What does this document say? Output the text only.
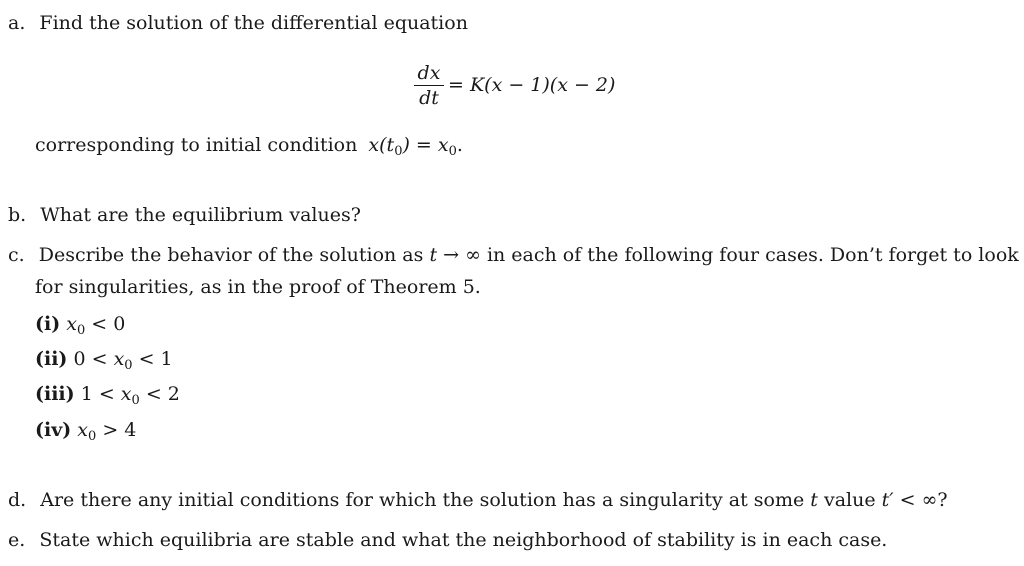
a. Find the solution of the differential equation
dx
dt
= K(x − 1)(x − 2)
corresponding to initial condition $x(t_0) = x_0$.
b. What are the equilibrium values?
c. Describe the behavior of the solution as t → ∞ in each of the following four cases. Don’t forget to look
for singularities, as in the proof of Theorem 5.
(i) $x_0 < 0$
(ii) $0 < x_0 < 1$
(iii) $1 < x_0 < 2$
(iv) $x_0 > 4$
d. Are there any initial conditions for which the solution has a singularity at some t value t′ < ∞?
e. State which equilibria are stable and what the neighborhood of stability is in each case.
